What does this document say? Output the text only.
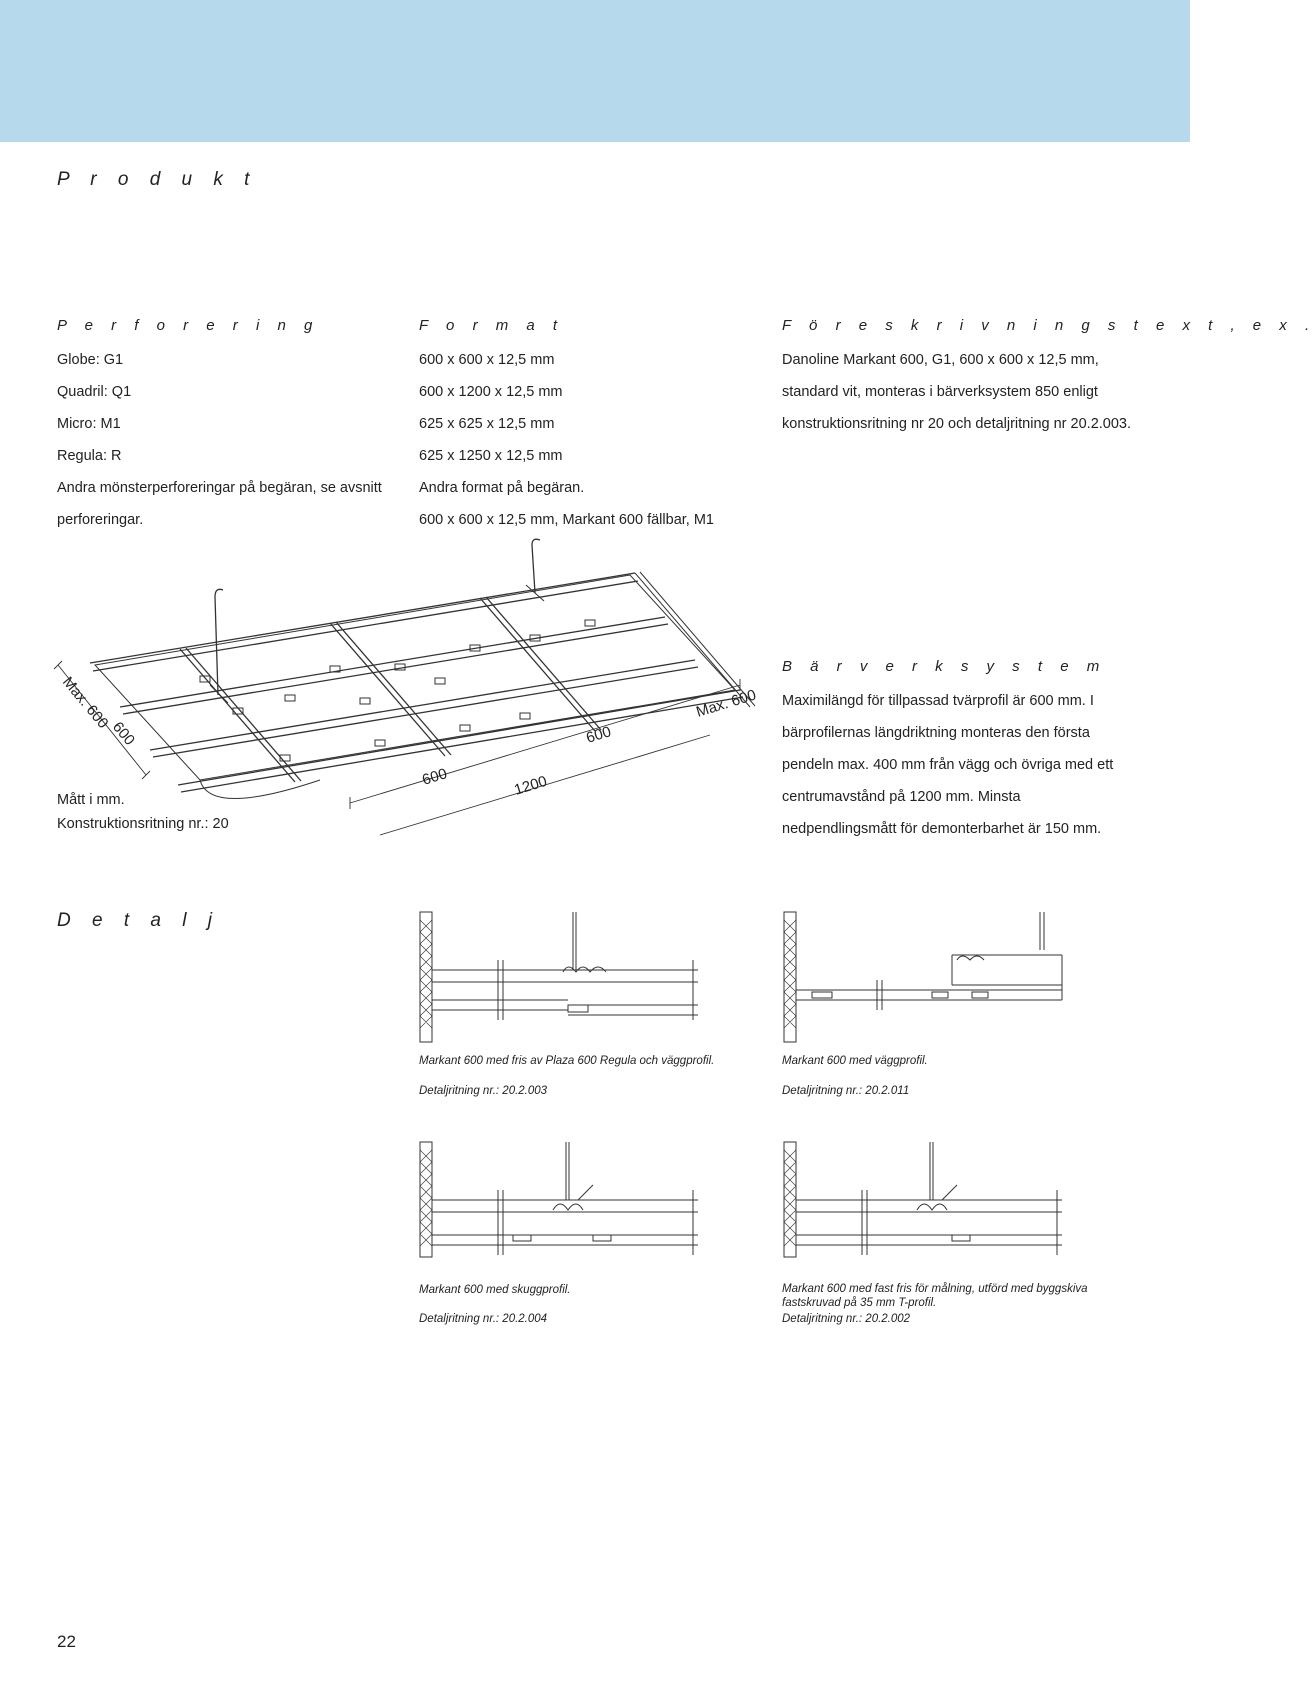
P r o d u k t
P e r f o r e r i n g
Globe: G1
Quadril: Q1
Micro: M1
Regula: R
Andra mönsterperforeringar på begäran, se avsnitt
perforeringar.
F o r m a t
600 x 600 x 12,5 mm
600 x 1200 x 12,5 mm
625 x 625 x 12,5 mm
625 x 1250 x 12,5 mm
Andra format på begäran.
600 x 600 x 12,5 mm, Markant 600 fällbar, M1
F ö r e s k r i v n i n g s t e x t , e x .
Danoline Markant 600, G1, 600 x 600 x 12,5 mm,
standard vit, monteras i bärverksystem 850 enligt
konstruktionsritning nr 20 och detaljritning nr 20.2.003.
Max. 600
600
Max. 600
600
600	1200
Mått i mm.
Konstruktionsritning nr.: 20
B ä r v e r k s y s t e m
Maximilängd för tillpassad tvärprofil är 600 mm. I bärprofilernas längdriktning monteras den första pendeln max. 400 mm från vägg och övriga med ett centrumavstånd på 1200 mm. Minsta nedpendlingsmått för demonterbarhet är 150 mm.
D e t a l j
Markant 600 med fris av Plaza 600 Regula och väggprofil.
Detaljritning nr.: 20.2.003
Markant 600 med väggprofil.
Detaljritning nr.: 20.2.011
Markant 600 med skuggprofil.
Detaljritning nr.: 20.2.004
Markant 600 med fast fris för målning, utförd med byggskiva fastskruvad på 35 mm T-profil.
Detaljritning nr.: 20.2.002
22
